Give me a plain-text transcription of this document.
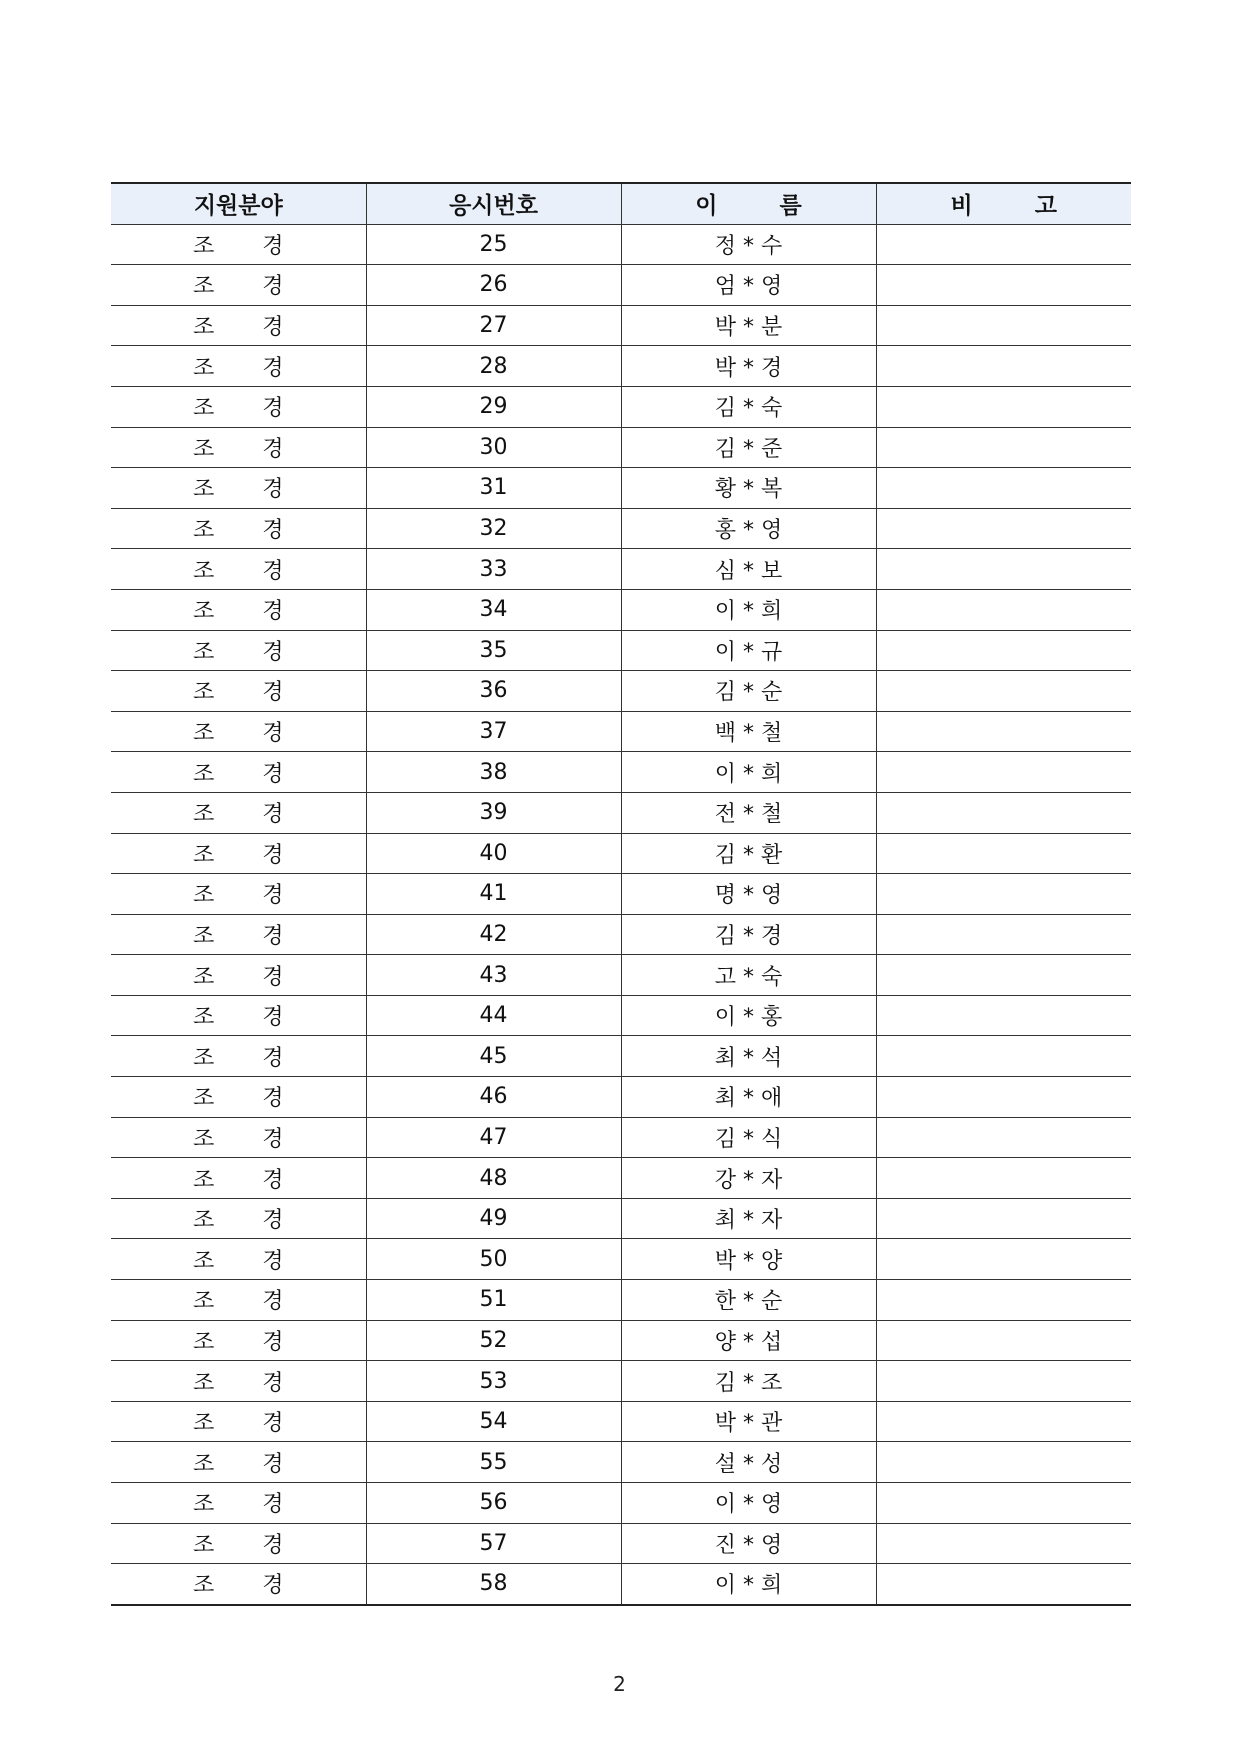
지원분야	응시번호	이 름	비 고
조 경	25	정 * 수	
조 경	26	엄 * 영	
조 경	27	박 * 분	
조 경	28	박 * 경	
조 경	29	김 * 숙	
조 경	30	김 * 준	
조 경	31	황 * 복	
조 경	32	홍 * 영	
조 경	33	심 * 보	
조 경	34	이 * 희	
조 경	35	이 * 규	
조 경	36	김 * 순	
조 경	37	백 * 철	
조 경	38	이 * 희	
조 경	39	전 * 철	
조 경	40	김 * 환	
조 경	41	명 * 영	
조 경	42	김 * 경	
조 경	43	고 * 숙	
조 경	44	이 * 홍	
조 경	45	최 * 석	
조 경	46	최 * 애	
조 경	47	김 * 식	
조 경	48	강 * 자	
조 경	49	최 * 자	
조 경	50	박 * 양	
조 경	51	한 * 순	
조 경	52	양 * 섭	
조 경	53	김 * 조	
조 경	54	박 * 관	
조 경	55	설 * 성	
조 경	56	이 * 영	
조 경	57	진 * 영	
조 경	58	이 * 희	
2
